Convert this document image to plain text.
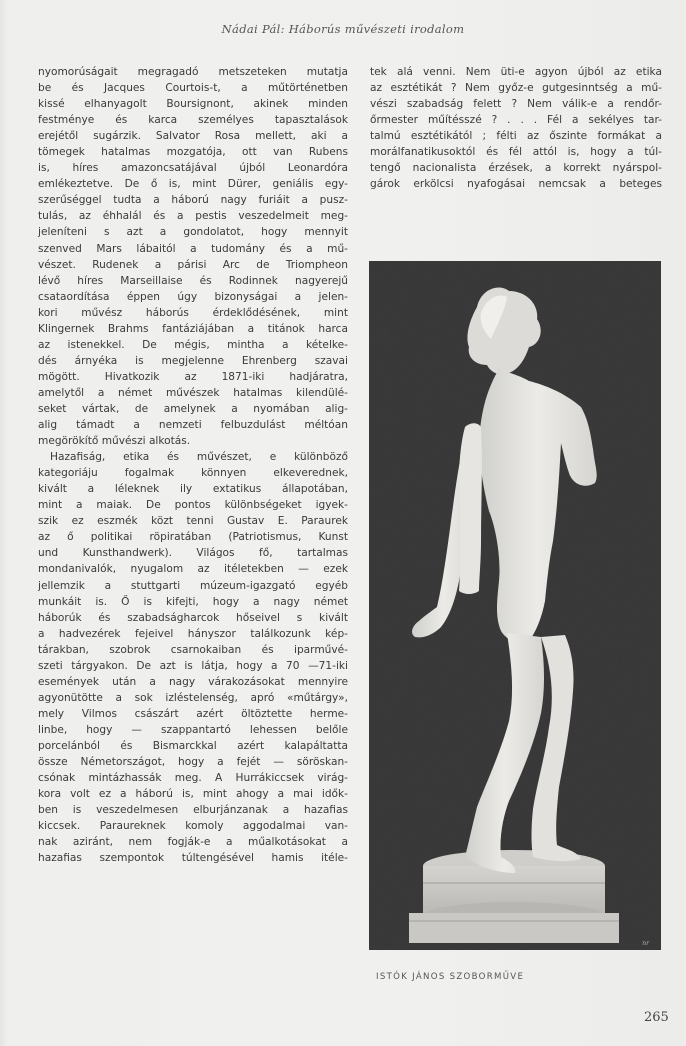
Nádai Pál: Háborús művészeti irodalom
nyomorúságait megragadó metszeteken mutatja
be és Jacques Courtois-t, a műtörténetben
kissé elhanyagolt Boursignont, akinek minden
festménye és karca személyes tapasztalások
erejétől sugárzik. Salvator Rosa mellett, aki a
tömegek hatalmas mozgatója, ott van Rubens
is, híres amazoncsatájával újból Leonardóra
emlékeztetve. De ő is, mint Dürer, geniális egy-
szerűséggel tudta a háború nagy furiáit a pusz-
tulás, az éhhalál és a pestis veszedelmeit meg-
jeleníteni s azt a gondolatot, hogy mennyit
szenved Mars lábaitól a tudomány és a mű-
vészet. Rudenek a párisi Arc de Triompheon
lévő híres Marseillaise és Rodinnek nagyerejű
csataordítása éppen úgy bizonyságai a jelen-
kori művész háborús érdeklődésének, mint
Klingernek Brahms fantáziájában a titánok harca
az istenekkel. De mégis, mintha a kételke-
dés árnyéka is megjelenne Ehrenberg szavai
mögött. Hivatkozik az 1871-iki hadjáratra,
amelytől a német művészek hatalmas kilendülé-
seket vártak, de amelynek a nyomában alig-
alig támadt a nemzeti felbuzdulást méltóan
megörökítő művészi alkotás.
Hazafiság, etika és művészet, e különböző
kategoriáju fogalmak könnyen elkeverednek,
kivált a léleknek ily extatikus állapotában,
mint a maiak. De pontos különbségeket igyek-
szik ez eszmék közt tenni Gustav E. Paraurek
az ő politikai röpiratában (Patriotismus, Kunst
und Kunsthandwerk). Világos fő, tartalmas
mondanivalók, nyugalom az itéletekben — ezek
jellemzik a stuttgarti múzeum-igazgató egyéb
munkáit is. Ő is kifejti, hogy a nagy német
háborúk és szabadságharcok hőseivel s kivált
a hadvezérek fejeivel hányszor találkozunk kép-
tárakban, szobrok csarnokaiban és iparművé-
szeti tárgyakon. De azt is látja, hogy a 70 —71-iki
események után a nagy várakozásokat mennyire
agyonütötte a sok izléstelenség, apró «műtárgy»,
mely Vilmos császárt azért öltöztette herme-
linbe, hogy — szappantartó lehessen belőle
porcelánból és Bismarckkal azért kalapáltatta
össze Németországot, hogy a fejét — söröskan-
csónak mintázhassák meg. A Hurrákiccsek virág-
kora volt ez a háború is, mint ahogy a mai idők-
ben is veszedelmesen elburjánzanak a hazafias
kiccsek. Paraureknek komoly aggodalmai van-
nak aziránt, nem fogják-e a műalkotásokat a
hazafias szempontok túltengésével hamis itéle-
tek alá venni. Nem üti-e agyon újból az etika
az esztétikát ? Nem győz-e gutgesinntség a mű-
vészi szabadság felett ? Nem válik-e a rendőr-
őrmester műítésszé ? . . . Fél a sekélyes tar-
talmú esztétikától ; félti az őszinte formákat a
morálfanatikusoktól és fél attól is, hogy a túl-
tengő nacionalista érzések, a korrekt nyárspol-
gárok erkölcsi nyafogásai nemcsak a beteges
nr
ISTÓK JÁNOS SZOBORMŰVE
265
